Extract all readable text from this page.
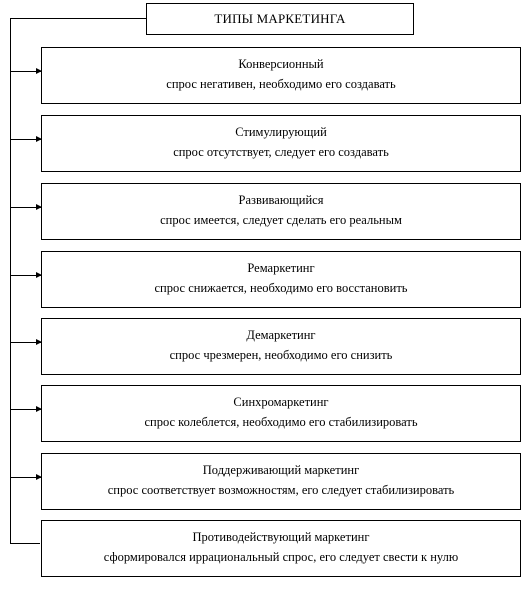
ТИПЫ МАРКЕТИНГА
Конверсионный
спрос негативен, необходимо его создавать
Стимулирующий
спрос отсутствует, следует его создавать
Развивающийся
спрос имеется, следует сделать его реальным
Ремаркетинг
спрос снижается, необходимо его восстановить
Демаркетинг
спрос чрезмерен, необходимо его снизить
Синхромаркетинг
спрос колеблется, необходимо его стабилизировать
Поддерживающий маркетинг
спрос соответствует возможностям, его следует стабилизировать
Противодействующий маркетинг
сформировался иррациональный спрос, его следует свести к нулю
